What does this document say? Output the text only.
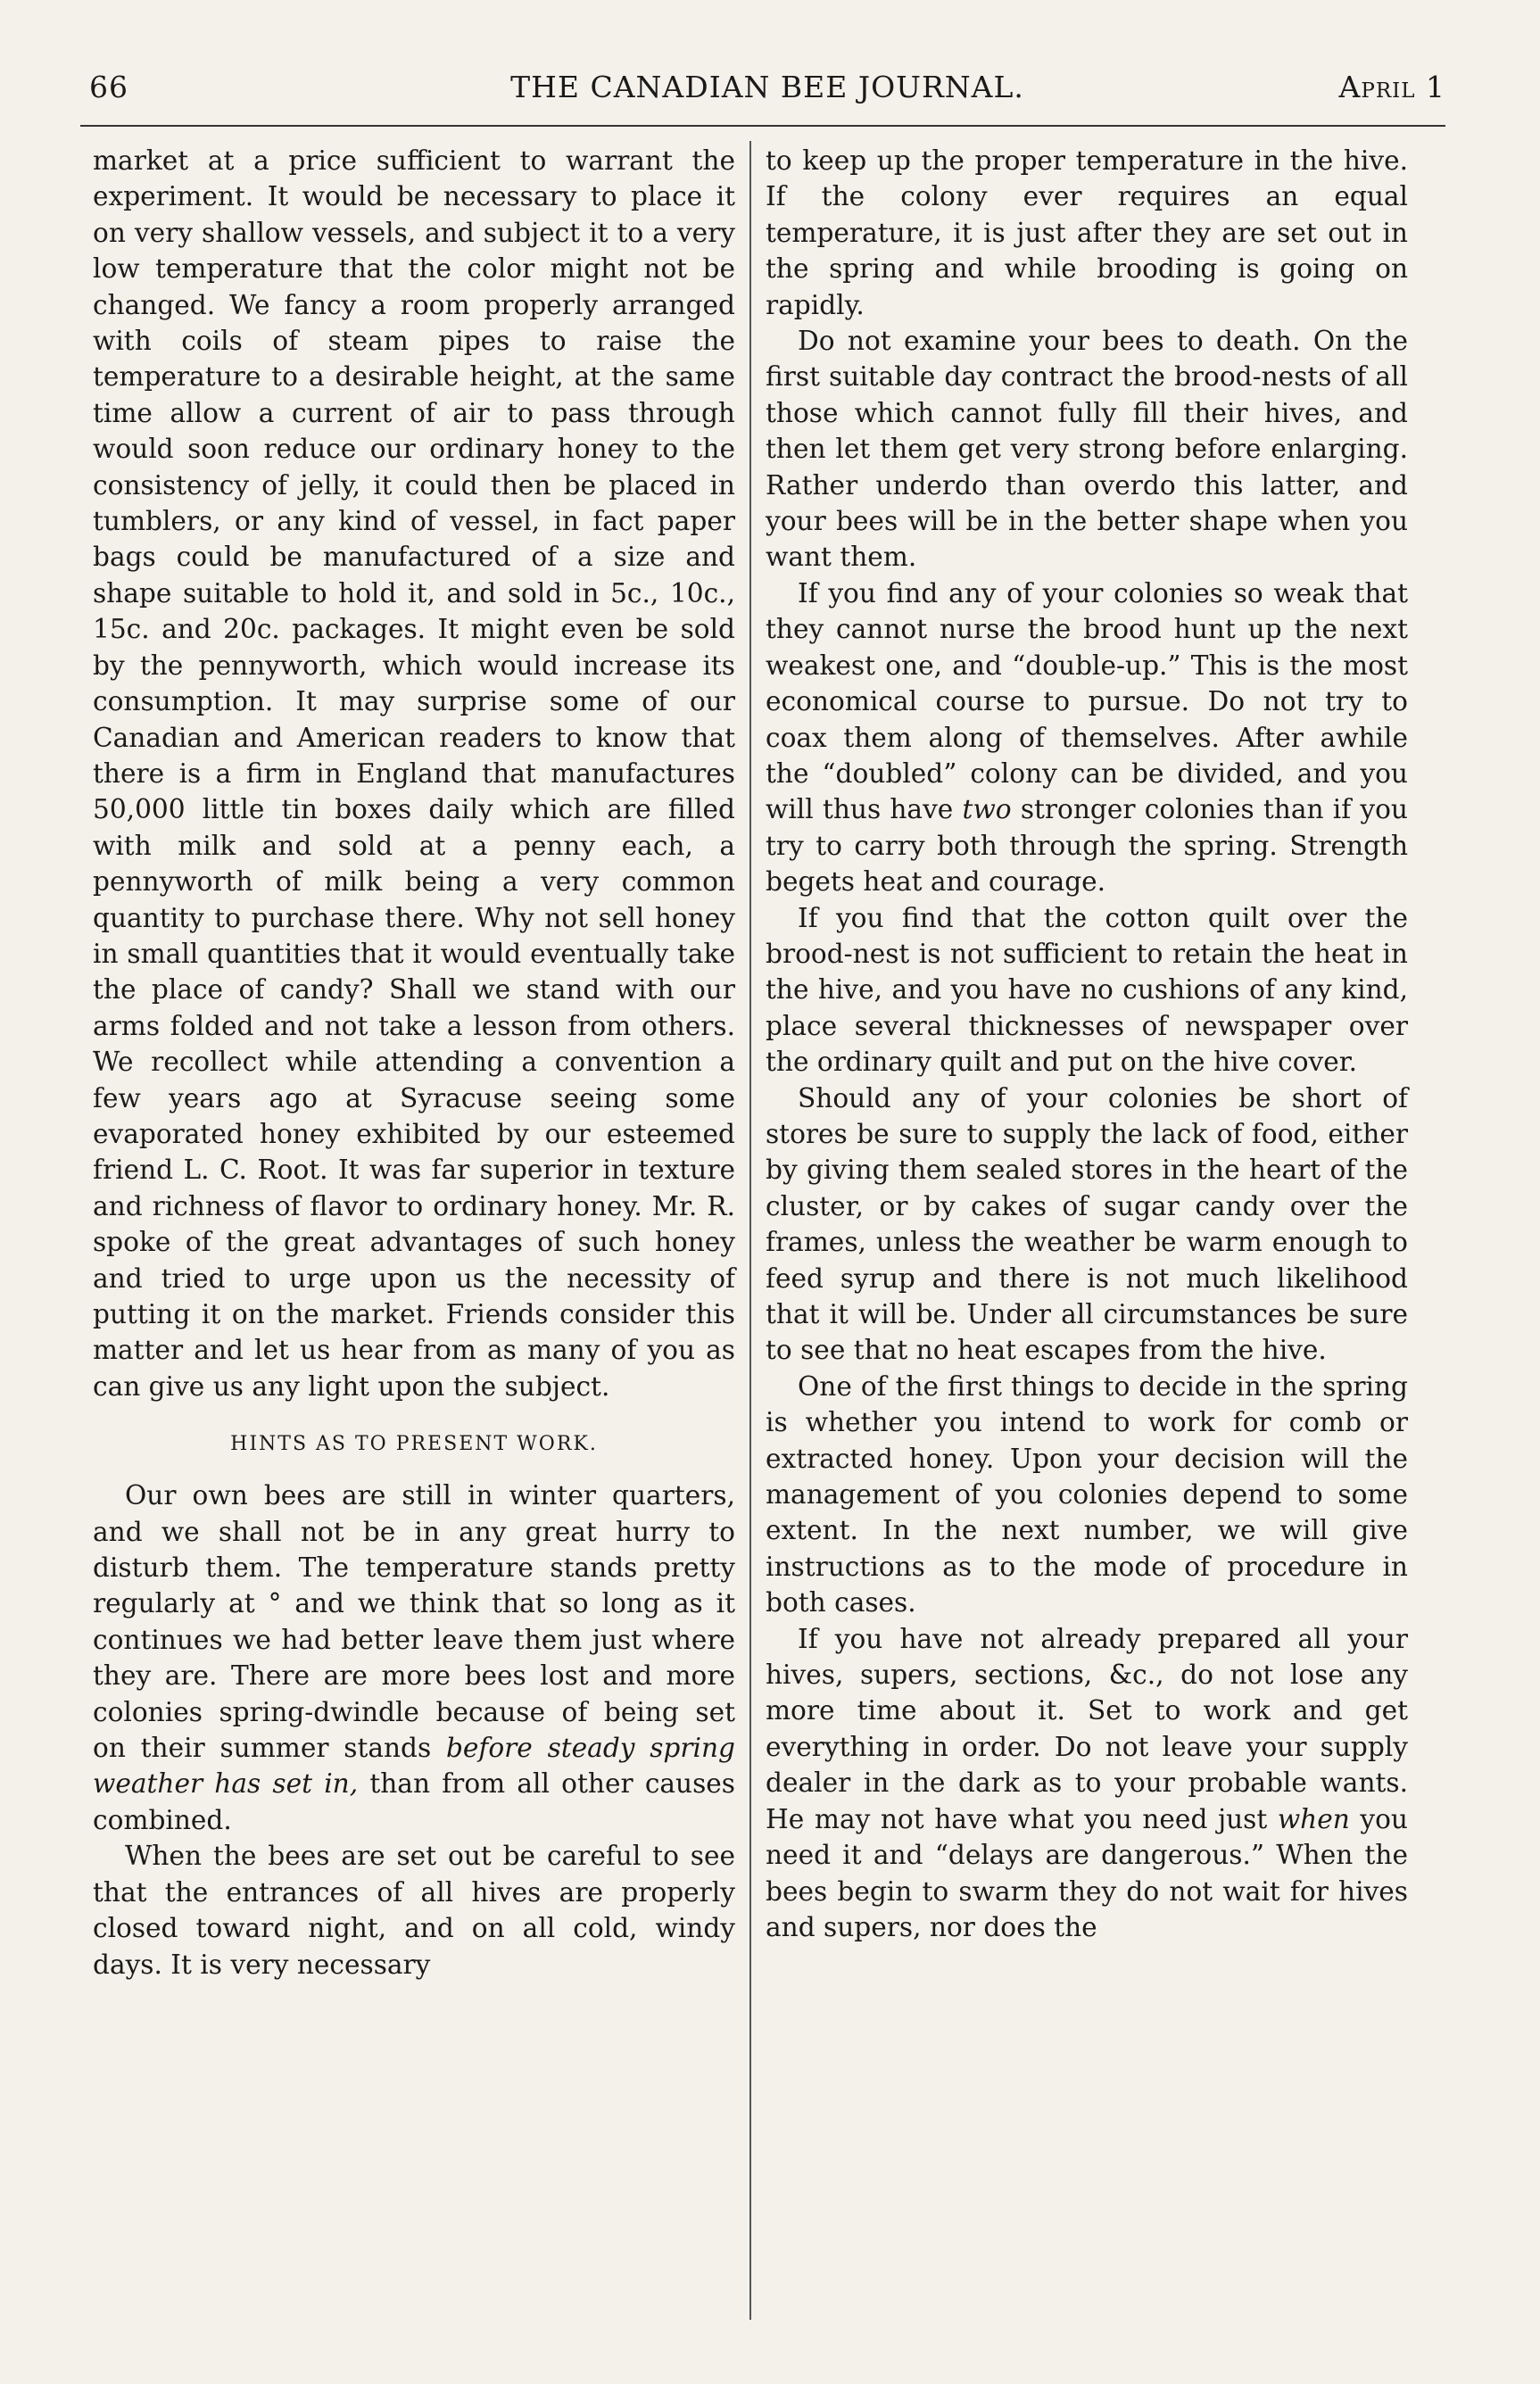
66	THE CANADIAN BEE JOURNAL.	April 1

market at a price sufficient to warrant the experiment. It would be necessary to place it on very shallow vessels, and subject it to a very low temperature that the color might not be changed. We fancy a room properly arranged with coils of steam pipes to raise the temperature to a desirable height, at the same time allow a current of air to pass through would soon reduce our ordinary honey to the consistency of jelly, it could then be placed in tumblers, or any kind of vessel, in fact paper bags could be manufactured of a size and shape suitable to hold it, and sold in 5c., 10c., 15c. and 20c. packages. It might even be sold by the pennyworth, which would increase its consumption. It may surprise some of our Canadian and American readers to know that there is a firm in England that manufactures 50,000 little tin boxes daily which are filled with milk and sold at a penny each, a pennyworth of milk being a very common quantity to purchase there. Why not sell honey in small quantities that it would eventually take the place of candy? Shall we stand with our arms folded and not take a lesson from others. We recollect while attending a convention a few years ago at Syracuse seeing some evaporated honey exhibited by our esteemed friend L. C. Root. It was far superior in texture and richness of flavor to ordinary honey. Mr. R. spoke of the great advantages of such honey and tried to urge upon us the necessity of putting it on the market. Friends consider this matter and let us hear from as many of you as can give us any light upon the subject.

HINTS AS TO PRESENT WORK.

Our own bees are still in winter quarters, and we shall not be in any great hurry to disturb them. The temperature stands pretty regularly at ° and we think that so long as it continues we had better leave them just where they are. There are more bees lost and more colonies spring-dwindle because of being set on their summer stands before steady spring weather has set in, than from all other causes combined.

When the bees are set out be careful to see that the entrances of all hives are properly closed toward night, and on all cold, windy days. It is very necessary

to keep up the proper temperature in the hive. If the colony ever requires an equal temperature, it is just after they are set out in the spring and while brooding is going on rapidly.

Do not examine your bees to death. On the first suitable day contract the brood-nests of all those which cannot fully fill their hives, and then let them get very strong before enlarging. Rather underdo than overdo this latter, and your bees will be in the better shape when you want them.

If you find any of your colonies so weak that they cannot nurse the brood hunt up the next weakest one, and “double-up.” This is the most economical course to pursue. Do not try to coax them along of themselves. After awhile the “doubled” colony can be divided, and you will thus have two stronger colonies than if you try to carry both through the spring. Strength begets heat and courage.

If you find that the cotton quilt over the brood-nest is not sufficient to retain the heat in the hive, and you have no cushions of any kind, place several thicknesses of newspaper over the ordinary quilt and put on the hive cover.

Should any of your colonies be short of stores be sure to supply the lack of food, either by giving them sealed stores in the heart of the cluster, or by cakes of sugar candy over the frames, unless the weather be warm enough to feed syrup and there is not much likelihood that it will be. Under all circumstances be sure to see that no heat escapes from the hive.

One of the first things to decide in the spring is whether you intend to work for comb or extracted honey. Upon your decision will the management of you colonies depend to some extent. In the next number, we will give instructions as to the mode of procedure in both cases.

If you have not already prepared all your hives, supers, sections, &c., do not lose any more time about it. Set to work and get everything in order. Do not leave your supply dealer in the dark as to your probable wants. He may not have what you need just when you need it and “delays are dangerous.” When the bees begin to swarm they do not wait for hives and supers, nor does the
